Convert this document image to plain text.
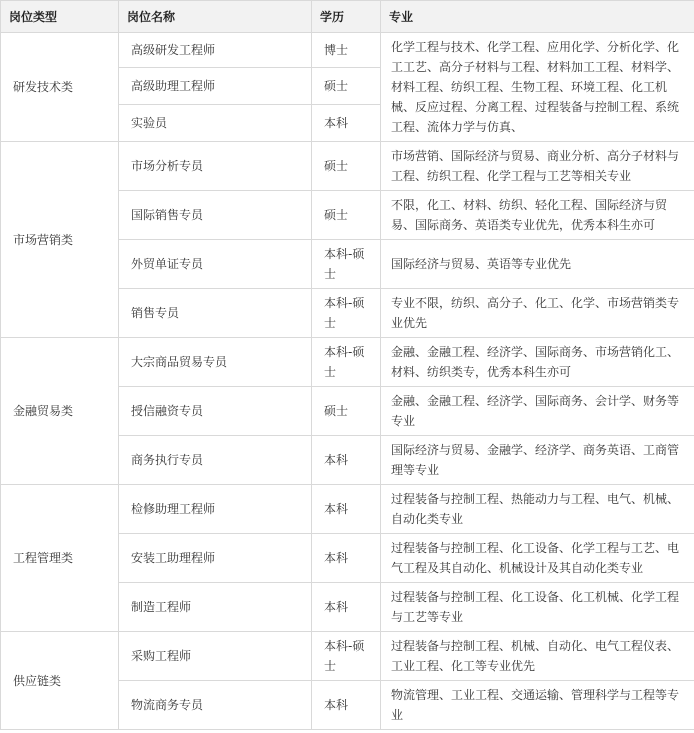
岗位类型	岗位名称	学历	专业
研发技术类	高级研发工程师	博士	化学工程与技术、化学工程、应用化学、分析化学、化工工艺、高分子材料与工程、材料加工工程、材料学、材料工程、纺织工程、生物工程、环境工程、化工机械、反应过程、分离工程、过程装备与控制工程、系统工程、流体力学与仿真、
	高级助理工程师	硕士	
	实验员	本科	
市场营销类	市场分析专员	硕士	市场营销、国际经济与贸易、商业分析、高分子材料与工程、纺织工程、化学工程与工艺等相关专业
	国际销售专员	硕士	不限，化工、材料、纺织、轻化工程、国际经济与贸易、国际商务、英语类专业优先，优秀本科生亦可
	外贸单证专员	本科-硕士	国际经济与贸易、英语等专业优先
	销售专员	本科-硕士	专业不限，纺织、高分子、化工、化学、市场营销类专业优先
金融贸易类	大宗商品贸易专员	本科-硕士	金融、金融工程、经济学、国际商务、市场营销化工、材料、纺织类专，优秀本科生亦可
	授信融资专员	硕士	金融、金融工程、经济学、国际商务、会计学、财务等专业
	商务执行专员	本科	国际经济与贸易、金融学、经济学、商务英语、工商管理等专业
工程管理类	检修助理工程师	本科	过程装备与控制工程、热能动力与工程、电气、机械、自动化类专业
	安装工助理程师	本科	过程装备与控制工程、化工设备、化学工程与工艺、电气工程及其自动化、机械设计及其自动化类专业
	制造工程师	本科	过程装备与控制工程、化工设备、化工机械、化学工程与工艺等专业
供应链类	采购工程师	本科-硕士	过程装备与控制工程、机械、自动化、电气工程仪表、工业工程、化工等专业优先
	物流商务专员	本科	物流管理、工业工程、交通运输、管理科学与工程等专业
